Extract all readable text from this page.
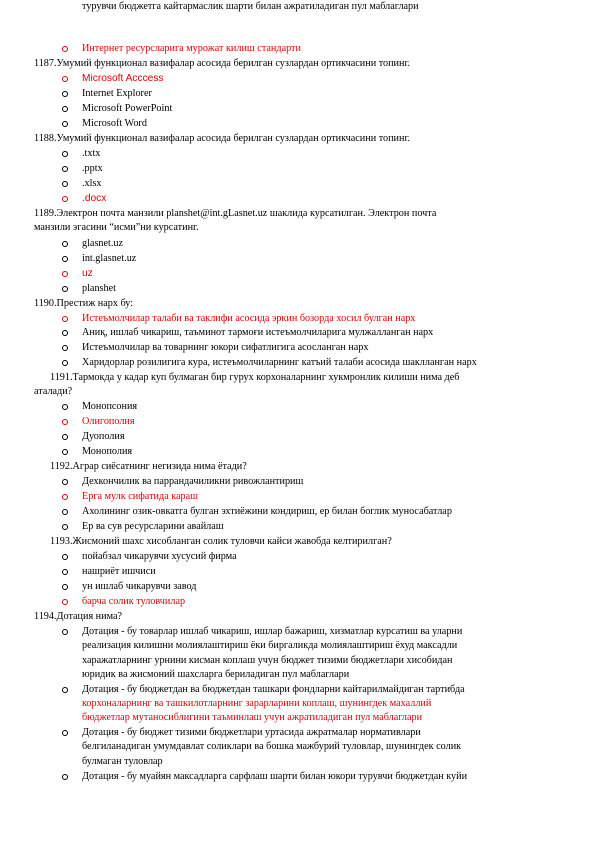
Интернет ресурсларига мурожат килиш стандарти
1187.Умумий функционал вазифалар асосида берилган сузлардан ортикчасини топинг.
Microsoft Acccess
Internet Explorer
Microsoft PowerPoint
Microsoft Word
1188.Умумий функционал вазифалар асосида берилган сузлардан ортикчасини топинг.
.txtx
.pptx
.xlsx
.docx
1189.Электрон почта манзили planshet@int.gLasnet.uz шаклида курсатилган. Электрон почта
манзили эгасини “исми”ни курсатинг.
glasnet.uz
int.glasnet.uz
uz
planshet
1190.Престиж нарх бу:
Истеъмолчилар талаби ва таклифи асосида эркин бозорда хосил булган нарх
Аниқ, ишлаб чикариш, таъминот тармоғи истеъмолчиларига мулжалланган нарх
Истеъмолчилар ва товарнинг юкори сифатлигига асосланган нарх
Харидорлар розилигига кура, истеъмолчиларнинг катъий талаби асосида шаклланган нарх
1191.Тармокда у кадар куп булмаган бир гурух корхоналарнинг хукмронлик килиши нима деб
аталади?
Монопсония
Олигополия
Дуополия
Монополия
1192.Аграр сиёсатнинг негизида нима ётади?
Дехкончилик ва паррандачиликни ривожлантириш
Ерга мулк сифатида караш
Ахолининг озик-овкатга булган эхтиёжини кондириш, ер билан боглик муносабатлар
Ер ва сув ресурсларини авайлаш
1193.Жисмоний шахс хисобланган солик туловчи кайси жавобда келтирилган?
пойабзал чикарувчи хусусий фирма
нашриёт ишчиси
ун ишлаб чикарувчи завод
барча солик туловчилар
1194.Дотация нима?
Дотация - бу товарлар ишлаб чикариш, ишлар бажариш, хизматлар курсатиш ва уларни
реализация килишни молиялаштириш ёки биргаликда молиялаштириш ёхуд максадли
харажатларнинг урнини кисман коплаш учун бюджет тизими бюджетлари хисобидан
юридик ва жисмоний шахсларга бериладиган пул маблаглари
Дотация - бу бюджетдан ва бюджетдан ташкари фондларни кайтарилмайдиган тартибда
корхоналарнинг ва ташкилотларнинг зарарларини коплаш, шунингдек махаллий
бюджетлар мутаносиблигини таъминлаш учун ажратиладиган пул маблаглари
Дотация - бу бюджет тизими бюджетлари уртасида ажратмалар нормативлари
белгиланадиган умумдавлат соликлари ва бошка мажбурий туловлар, шунингдек солик
булмаган туловлар
Дотация - бу муайян максадларга сарфлаш шарти билан юкори турувчи бюджетдан куйи
турувчи бюджетга кайтармаслик шарти билан ажратиладиган пул маблаглари
